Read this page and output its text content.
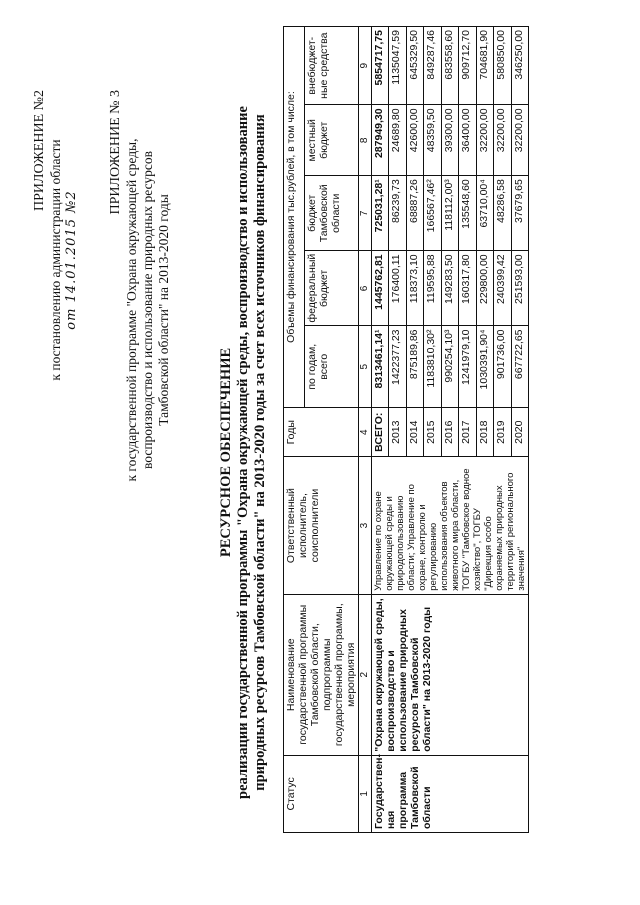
ПРИЛОЖЕНИЕ №2 к постановлению администрации области от 14.01.2015 №2
ПРИЛОЖЕНИЕ № 3 к государственной программе "Охрана окружающей среды, воспроизводство и использование природных ресурсов Тамбовской области" на 2013-2020 годы
РЕСУРСНОЕ ОБЕСПЕЧЕНИЕ реализации государственной программы "Охрана окружающей среды, воспроизводство и использование природных ресурсов Тамбовской области" на 2013-2020 годы за счет всех источников финансирования
Статус	Наименование государственной программы Тамбовской области, подпрограммы государственной программы, мероприятия	Ответственный исполнитель, соисполнители	Годы	Объемы финансирования тыс.рублей, в том числе:				
				по годам, всего	федеральный бюджет	бюджет Тамбовской области	местный бюджет	внебюджет-ные средства
1	2	3	4	5	6	7	8	9
Государствен-ная программа Тамбовской области	"Охрана окружающей среды, воспроизводство и использование природных ресурсов Тамбовской области" на 2013-2020 годы	Управление по охране окружающей среды и природопользованию области; Управление по охране, контролю и регулированию использования объектов животного мира области, ТОГБУ "Тамбовское водное хозяйство", ТОГБУ "Дирекция особо охраняемых природных территорий регионального значения"	ВСЕГО:	8313461,14¹	1445762,81	725031,28¹	287949,30	5854717,75
			2013	1422377,23	176400,11	86239,73	24689,80	1135047,59
			2014	875189,86	118373,10	68887,26	42600,00	645329,50
			2015	1183810,30²	119595,88	166567,46²	48359,50	849287,46
			2016	990254,10³	149283,50	118112,00³	39300,00	683558,60
			2017	1241979,10	160317,80	135548,60	36400,00	909712,70
			2018	1030391,90⁴	229800,00	63710,00⁴	32200,00	704681,90
			2019	901736,00	240399,42	48286,58	32200,00	580850,00
			2020	667722,65	251593,00	37679,65	32200,00	346250,00
